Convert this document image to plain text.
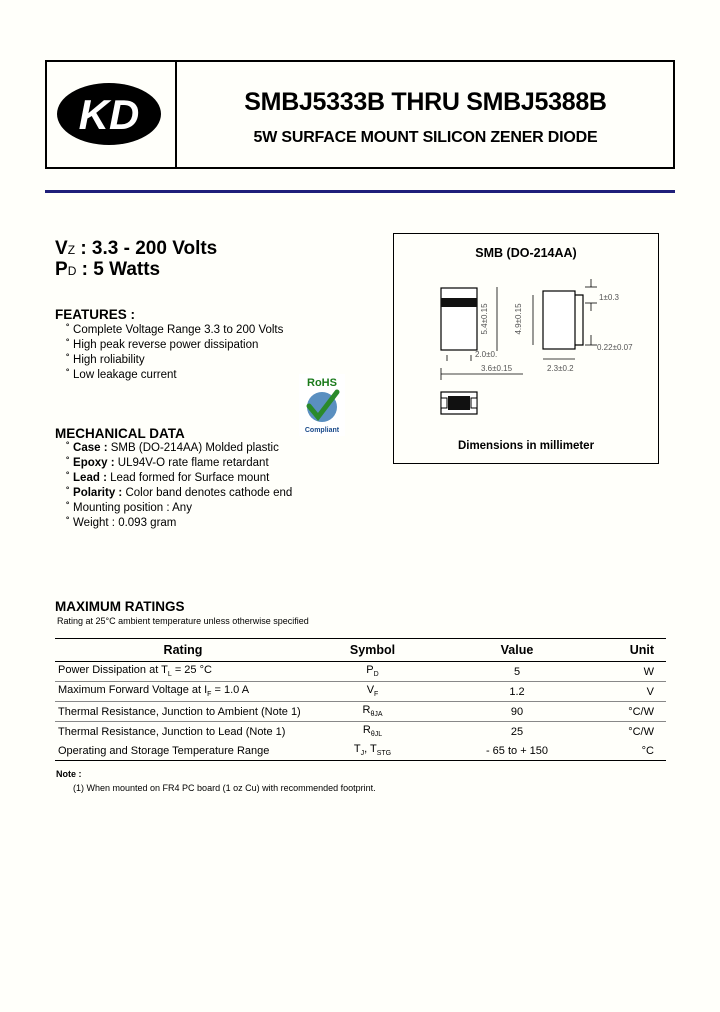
KD	SMBJ5333B THRU SMBJ5388B
5W SURFACE MOUNT SILICON ZENER DIODE
VZ : 3.3 - 200 Volts
PD : 5 Watts
FEATURES :
˚ Complete Voltage Range 3.3 to 200 Volts
˚ High peak reverse power dissipation
˚ High roliability
˚ Low leakage current
RoHS
Compliant
MECHANICAL DATA
˚ Case : SMB (DO-214AA) Molded plastic
˚ Epoxy : UL94V-O rate flame retardant
˚ Lead : Lead formed for Surface mount
˚ Polarity : Color band denotes cathode end
˚ Mounting position : Any
˚ Weight : 0.093 gram
SMB (DO-214AA)
5.4±0.15	4.9±0.15
1±0.3
0.22±0.07
2.0±0.
3.6±0.15	2.3±0.2
Dimensions in millimeter
MAXIMUM RATINGS
Rating at 25°C ambient temperature unless otherwise specified
Rating	Symbol	Value	Unit
Power Dissipation at $T_L = 25$ °C	$P_D$	5	W
Maximum Forward Voltage at $I_F = 1.0$ A	$V_F$	1.2	V
Thermal Resistance, Junction to Ambient (Note 1)	$R_{\theta JA}$	90	°C/W
Thermal Resistance, Junction to Lead (Note 1)	$R_{\theta JL}$	25	°C/W
Operating and Storage Temperature Range	$T_J$, $T_{STG}$	- 65 to + 150	°C
Note :
(1) When mounted on FR4 PC board (1 oz Cu) with recommended footprint.
